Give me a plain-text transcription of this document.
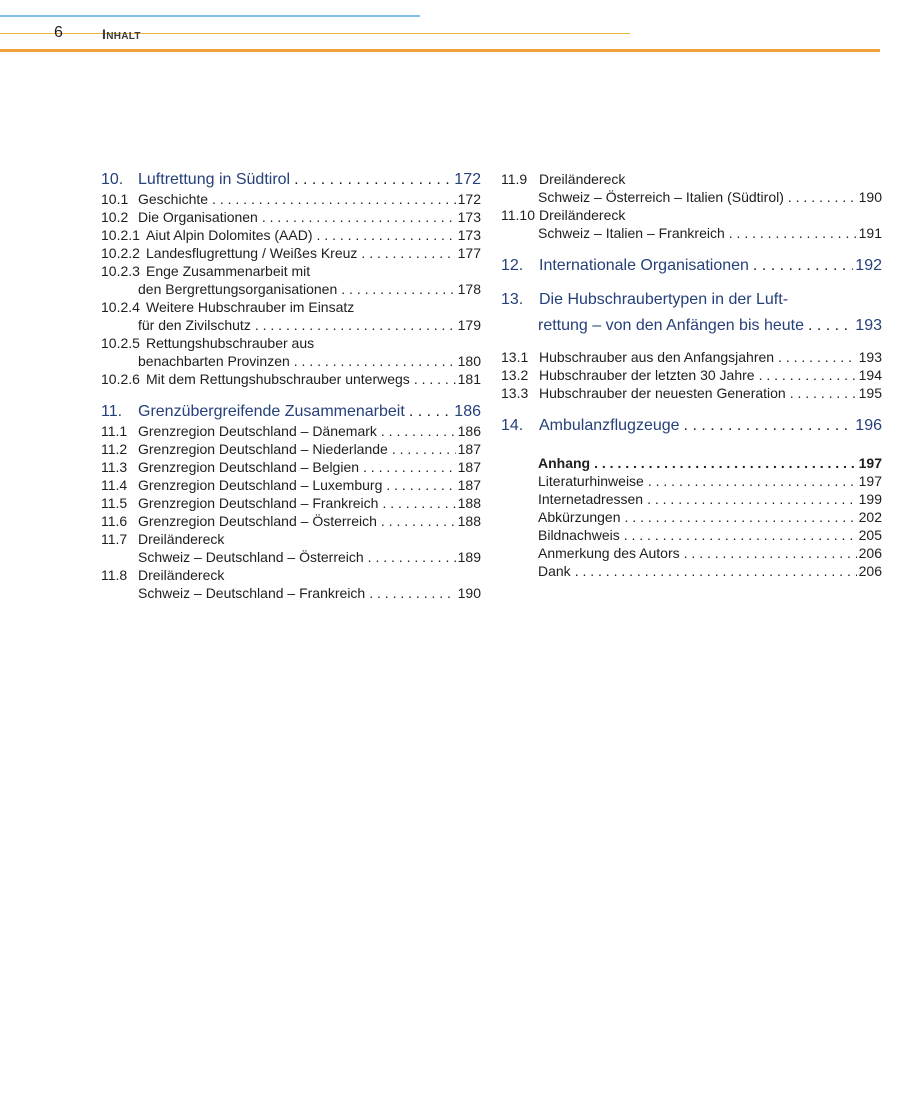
6	Inhalt
10. Luftrettung in Südtirol . . .	172
10.1 Geschichte . . .	172
10.2 Die Organisationen . . .	173
10.2.1 Aiut Alpin Dolomites (AAD) . . .	173
10.2.2 Landesflugrettung / Weißes Kreuz . . .	177
10.2.3 Enge Zusammenarbeit mit
den Bergrettungsorganisationen . . .	178
10.2.4 Weitere Hubschrauber im Einsatz
für den Zivilschutz . . .	179
10.2.5 Rettungshubschrauber aus
benachbarten Provinzen . . .	180
10.2.6 Mit dem Rettungshubschrauber unterwegs . . .	181
11. Grenzübergreifende Zusammenarbeit . . .	186
11.1 Grenzregion Deutschland – Dänemark . . .	186
11.2 Grenzregion Deutschland – Niederlande . . .	187
11.3 Grenzregion Deutschland – Belgien . . .	187
11.4 Grenzregion Deutschland – Luxemburg . . .	187
11.5 Grenzregion Deutschland – Frankreich . . .	188
11.6 Grenzregion Deutschland – Österreich . . .	188
11.7 Dreiländereck
Schweiz – Deutschland – Österreich . . .	189
11.8 Dreiländereck
Schweiz – Deutschland – Frankreich . . .	190
11.9 Dreiländereck
Schweiz – Österreich – Italien (Südtirol) . . .	190
11.10 Dreiländereck
Schweiz – Italien – Frankreich . . .	191
12. Internationale Organisationen . . .	192
13. Die Hubschraubertypen in der Luft-
rettung – von den Anfängen bis heute . . .	193
13.1 Hubschrauber aus den Anfangsjahren . . .	193
13.2 Hubschrauber der letzten 30 Jahre . . .	194
13.3 Hubschrauber der neuesten Generation . . .	195
14. Ambulanzflugzeuge . . .	196
Anhang . . .	197
Literaturhinweise . . .	197
Internetadressen . . .	199
Abkürzungen . . .	202
Bildnachweis . . .	205
Anmerkung des Autors . . .	206
Dank . . .	206
